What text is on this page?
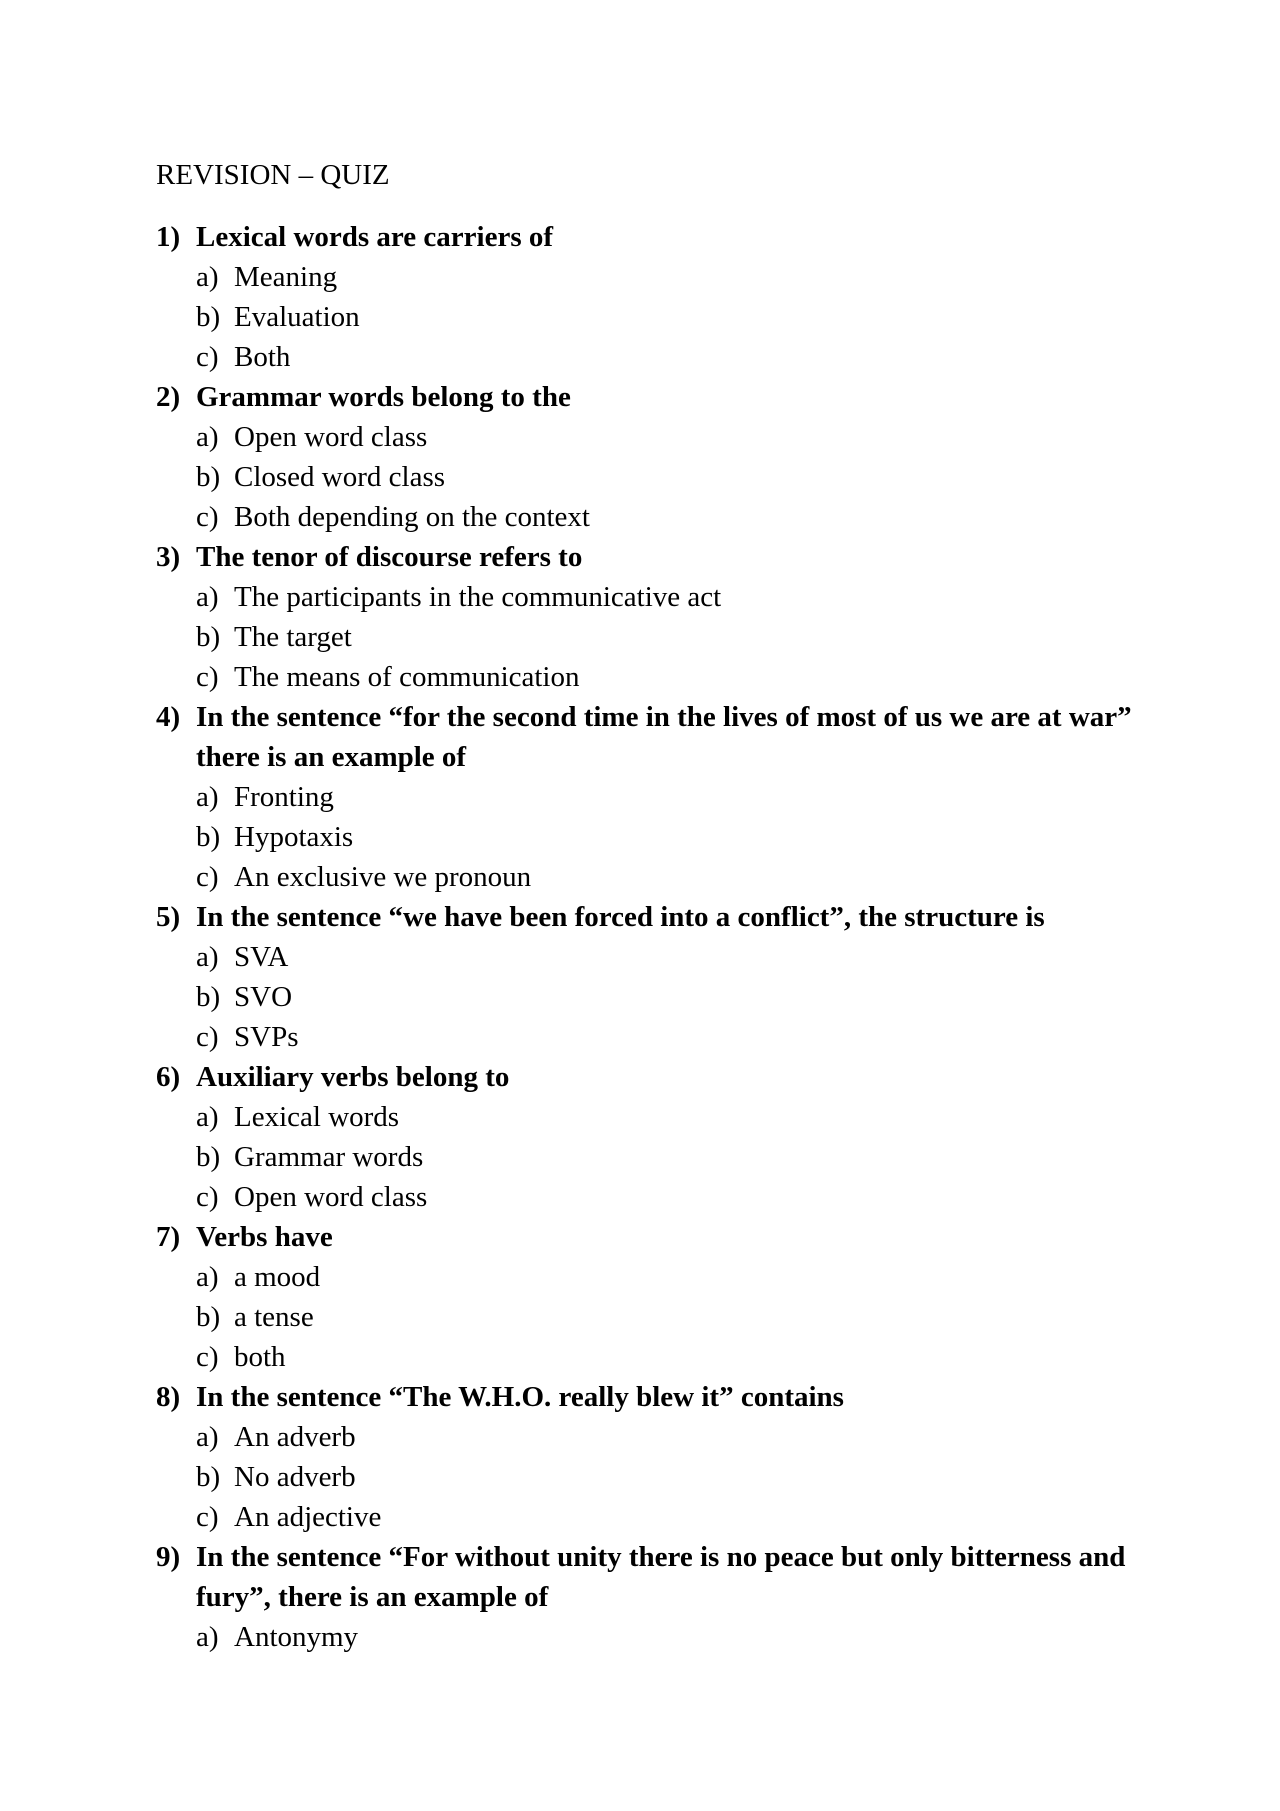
REVISION – QUIZ
1) Lexical words are carriers of
a) Meaning
b) Evaluation
c) Both
2) Grammar words belong to the
a) Open word class
b) Closed word class
c) Both depending on the context
3) The tenor of discourse refers to
a) The participants in the communicative act
b) The target
c) The means of communication
4) In the sentence “for the second time in the lives of most of us we are at war” there is an example of
a) Fronting
b) Hypotaxis
c) An exclusive we pronoun
5) In the sentence “we have been forced into a conflict”, the structure is
a) SVA
b) SVO
c) SVPs
6) Auxiliary verbs belong to
a) Lexical words
b) Grammar words
c) Open word class
7) Verbs have
a) a mood
b) a tense
c) both
8) In the sentence “The W.H.O. really blew it” contains
a) An adverb
b) No adverb
c) An adjective
9) In the sentence “For without unity there is no peace but only bitterness and fury”, there is an example of
a) Antonymy
